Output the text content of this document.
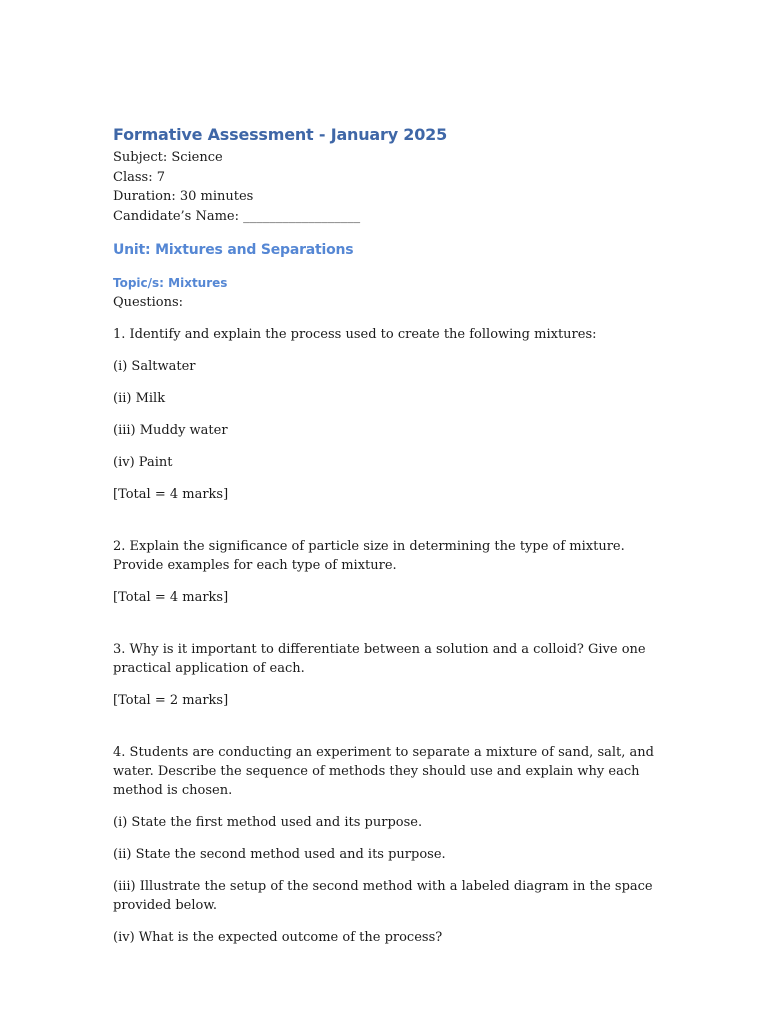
Formative Assessment - January 2025

Subject: Science

Class: 7

Duration: 30 minutes

Candidate’s Name: __________________

Unit: Mixtures and Separations
Topic/s: Mixtures

Questions:

1. Identify and explain the process used to create the following mixtures:

(i) Saltwater

(ii) Milk

(iii) Muddy water

(iv) Paint

[Total = 4 marks]

2. Explain the significance of particle size in determining the type of mixture. Provide examples for each type of mixture.

[Total = 4 marks]

3. Why is it important to differentiate between a solution and a colloid? Give one practical application of each.

[Total = 2 marks]

4. Students are conducting an experiment to separate a mixture of sand, salt, and water. Describe the sequence of methods they should use and explain why each method is chosen.

(i) State the first method used and its purpose.

(ii) State the second method used and its purpose.

(iii) Illustrate the setup of the second method with a labeled diagram in the space provided below.

(iv) What is the expected outcome of the process?
